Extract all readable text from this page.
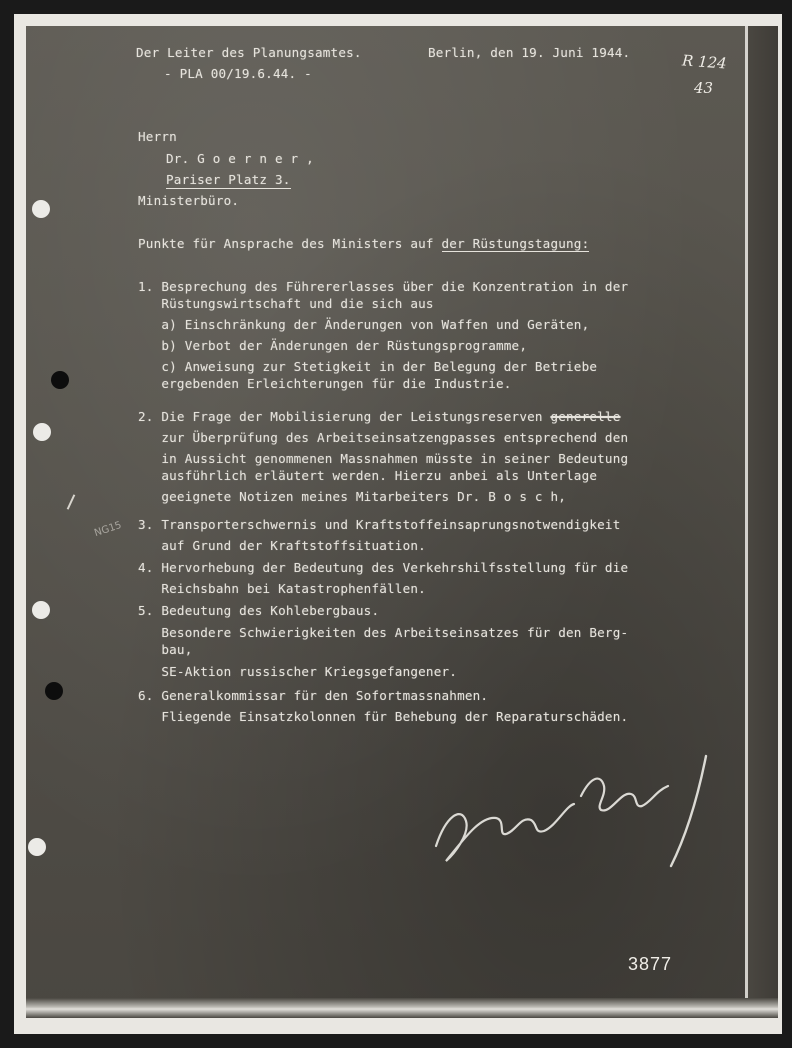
Der Leiter des Planungsamtes.	Berlin, den 19. Juni 1944.
- PLA 00/19.6.44. -
R 124
43
Herrn
Dr. G o e r n e r ,
Pariser Platz 3.
Ministerbüro.
Punkte für Ansprache des Ministers auf der Rüstungstagung:
1. Besprechung des Führererlasses über die Konzentration in der
Rüstungswirtschaft und die sich aus
a) Einschränkung der Änderungen von Waffen und Geräten,
b) Verbot der Änderungen der Rüstungsprogramme,
c) Anweisung zur Stetigkeit in der Belegung der Betriebe
ergebenden Erleichterungen für die Industrie.
2. Die Frage der Mobilisierung der Leistungsreserven generelle
zur Überprüfung des Arbeitseinsatzengpasses entsprechend den
in Aussicht genommenen Massnahmen müsste in seiner Bedeutung
ausführlich erläutert werden. Hierzu anbei als Unterlage
geeignete Notizen meines Mitarbeiters Dr. B o s c h,
NG15 3. Transporterschwernis und Kraftstoffeinsaprungsnotwendigkeit
auf Grund der Kraftstoffsituation.
4. Hervorhebung der Bedeutung des Verkehrshilfsstellung für die
Reichsbahn bei Katastrophenfällen.
5. Bedeutung des Kohlebergbaus.
Besondere Schwierigkeiten des Arbeitseinsatzes für den Berg-
bau,
SE-Aktion russischer Kriegsgefangener.
6. Generalkommissar für den Sofortmassnahmen.
Fliegende Einsatzkolonnen für Behebung der Reparaturschäden.
3877
